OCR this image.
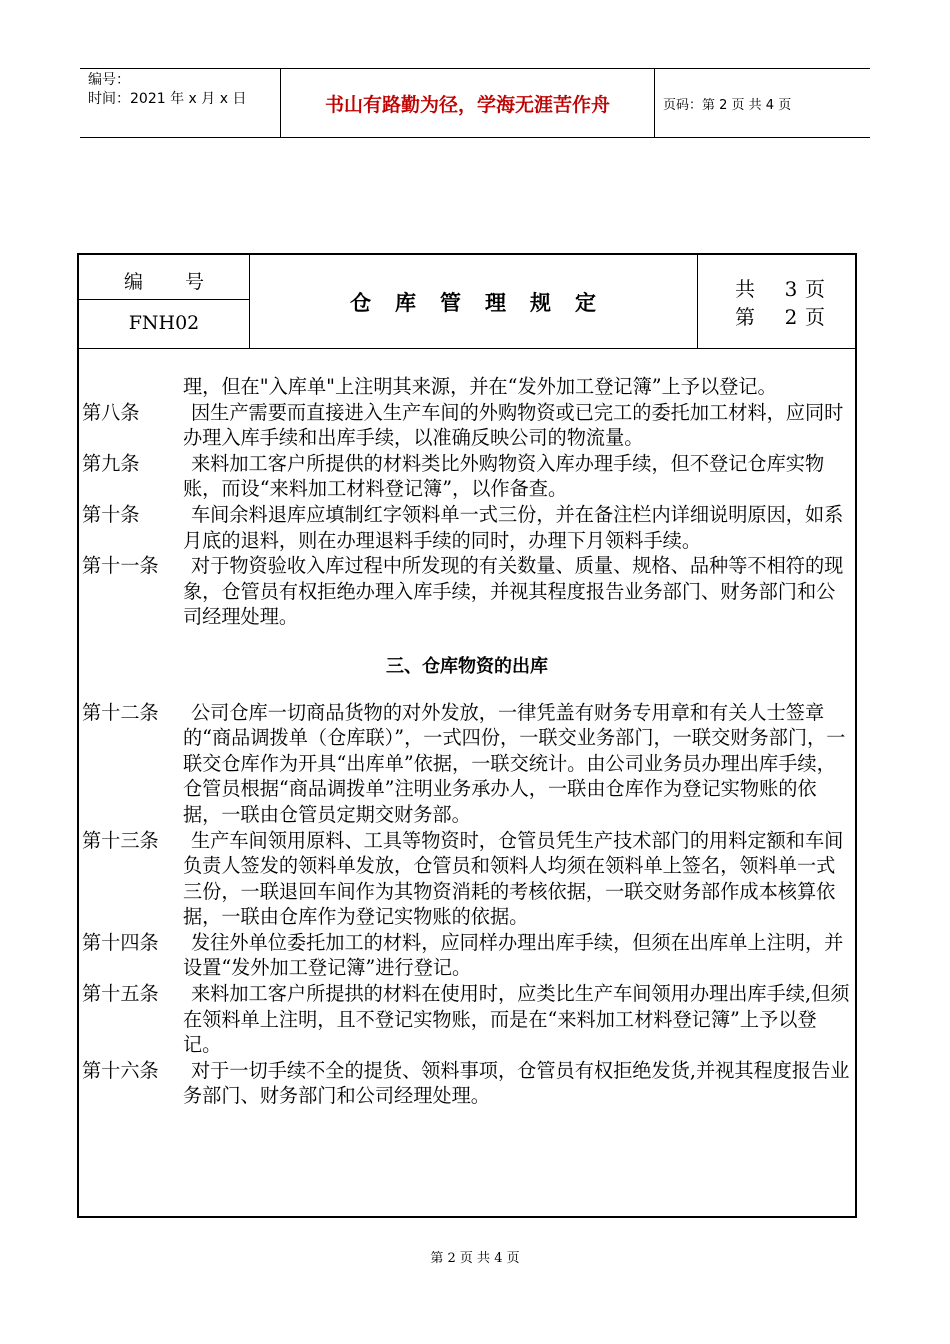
编号：
时间：2021 年 x 月 x 日	书山有路勤为径，学海无涯苦作舟	页码：第 2 页 共 4 页
编号
FNH02
仓库管理规定
共 3 页
第 2 页
理，但在"入库单"上注明其来源，并在“发外加工登记簿”上予以登记。
第八条	因生产需要而直接进入生产车间的外购物资或已完工的委托加工材料，应同时办理入库手续和出库手续，以准确反映公司的物流量。
第九条	来料加工客户所提供的材料类比外购物资入库办理手续，但不登记仓库实物账，而设“来料加工材料登记簿”，以作备查。
第十条	车间余料退库应填制红字领料单一式三份，并在备注栏内详细说明原因，如系月底的退料，则在办理退料手续的同时，办理下月领料手续。
第十一条	对于物资验收入库过程中所发现的有关数量、质量、规格、品种等不相符的现象，仓管员有权拒绝办理入库手续，并视其程度报告业务部门、财务部门和公司经理处理。
三、仓库物资的出库
第十二条	公司仓库一切商品货物的对外发放，一律凭盖有财务专用章和有关人士签章的“商品调拨单（仓库联）”，一式四份，一联交业务部门，一联交财务部门，一联交仓库作为开具“出库单”依据，一联交统计。由公司业务员办理出库手续，仓管员根据“商品调拨单”注明业务承办人，一联由仓库作为登记实物账的依据，一联由仓管员定期交财务部。
第十三条	生产车间领用原料、工具等物资时，仓管员凭生产技术部门的用料定额和车间负责人签发的领料单发放，仓管员和领料人均须在领料单上签名，领料单一式三份，一联退回车间作为其物资消耗的考核依据，一联交财务部作成本核算依据，一联由仓库作为登记实物账的依据。
第十四条	发往外单位委托加工的材料，应同样办理出库手续，但须在出库单上注明，并设置“发外加工登记簿”进行登记。
第十五条	来料加工客户所提拱的材料在使用时，应类比生产车间领用办理出库手续,但须在领料单上注明，且不登记实物账，而是在“来料加工材料登记簿”上予以登记。
第十六条	对于一切手续不全的提货、领料事项，仓管员有权拒绝发货,并视其程度报告业务部门、财务部门和公司经理处理。
第 2 页 共 4 页
